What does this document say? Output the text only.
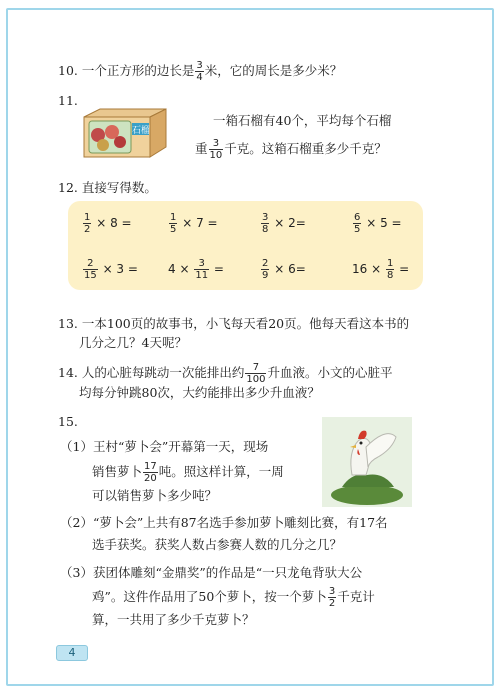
10. 一个正方形的边长是 $\frac{3}{4}$ 米，它的周长是多少米？
11.
石榴
一箱石榴有40个，平均每个石榴
重 $\frac{3}{10}$ 千克。这箱石榴重多少千克？
12. 直接写得数。
$\frac{1}{2} \times 8$ =	$\frac{1}{5} \times 7$ =	$\frac{3}{8} \times 2=$	$\frac{6}{5} \times 5$ =
$\frac{2}{15} \times 3$ =	$4 \times \frac{3}{11}$ =	$\frac{2}{9} \times 6=$	$16 \times \frac{1}{8}$ =
13. 一本100页的故事书，小飞每天看20页。他每天看这本书的
几分之几？4天呢？
14. 人的心脏每跳动一次能排出约 $\frac{7}{100}$ 升血液。小文的心脏平
均每分钟跳80次，大约能排出多少升血液？
15.
（1）王村“萝卜会”开幕第一天，现场
销售萝卜 $\frac{17}{20}$ 吨。照这样计算，一周
可以销售萝卜多少吨？
（2）“萝卜会”上共有87名选手参加萝卜雕刻比赛，有17名
选手获奖。获奖人数占参赛人数的几分之几？
（3）获团体雕刻“金鼎奖”的作品是“一只龙龟背驮大公
鸡”。这件作品用了50个萝卜，按一个萝卜 $\frac{3}{2}$ 千克计
算，一共用了多少千克萝卜？
4
